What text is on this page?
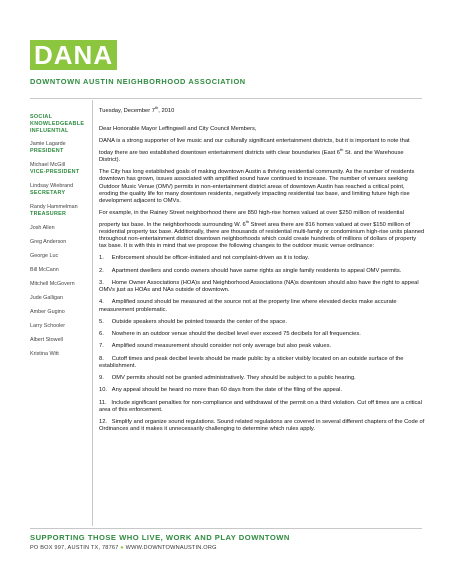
DANA
DOWNTOWN AUSTIN NEIGHBORHOOD ASSOCIATION
SOCIAL KNOWLEDGEABLE INFLUENTIAL
Jamie Lagarde
PRESIDENT
Michael McGill
VICE-PRESIDENT
Lindsay Wiebrand
SECRETARY
Randy Hammelman
TREASURER
Josh Allen
Greg Anderson
George Luc
Bill McCann
Mitchell McGovern
Jude Galligan
Amber Gugino
Larry Schooler
Albert Stowell
Kristina Witt

Tuesday, December 7th, 2010

Dear Honorable Mayor Leffingwell and City Council Members,

DANA is a strong supporter of live music and our culturally significant entertainment districts, but it is important to note that today there are two established downtown entertainment districts with clear boundaries (East 6th St. and the Warehouse District).

The City has long established goals of making downtown Austin a thriving residential community. As the number of residents downtown has grown, issues associated with amplified sound have continued to increase. The number of venues seeking Outdoor Music Venue (OMV) permits in non-entertainment district areas of downtown Austin has reached a critical point, eroding the quality life for many downtown residents, negatively impacting residential tax base, and limiting future high rise development adjacent to OMVs.

For example, in the Rainey Street neighborhood there are 850 high-rise homes valued at over $250 million of residential property tax base. In the neighborhoods surrounding W. 6th Street area there are 816 homes valued at over $150 million of residential property tax base. Additionally, there are thousands of residential multi-family or condominium high-rise units planned throughout non-entertainment district downtown neighborhoods which could create hundreds of millions of dollars of property tax base. It is with this in mind that we propose the following changes to the outdoor music venue ordinance:

1.     Enforcement should be officer-initiated and not complaint-driven as it is today.

2.     Apartment dwellers and condo owners should have same rights as single family residents to appeal OMV permits.

3.     Home Owner Associations (HOA)s and Neighborhood Associations (NA)s downtown should also have the right to appeal OMVs just as HOAs and NAs outside of downtown.

4.     Amplified sound should be measured at the source not at the property line where elevated decks make accurate measurement problematic.

5.     Outside speakers should be pointed towards the center of the space.

6.     Nowhere in an outdoor venue should the decibel level ever exceed 75 decibels for all frequencies.

7.     Amplified sound measurement should consider not only average but also peak values.

8.     Cutoff times and peak decibel levels should be made public by a sticker visibly located on an outside surface of the establishment.

9.     OMV permits should not be granted administratively. They should be subject to a public hearing.

10.   Any appeal should be heard no more than 60 days from the date of the filing of the appeal.

11.   Include significant penalties for non-compliance and withdrawal of the permit on a third violation. Cut off times are a critical area of this enforcement.

12.   Simplify and organize sound regulations. Sound related regulations are covered in several different chapters of the Code of Ordinances and it makes it unnecessarily challenging to determine which rules apply.

SUPPORTING THOSE WHO LIVE, WORK AND PLAY DOWNTOWN
PO BOX 997, AUSTIN TX, 78767 ● WWW.DOWNTOWNAUSTIN.ORG
